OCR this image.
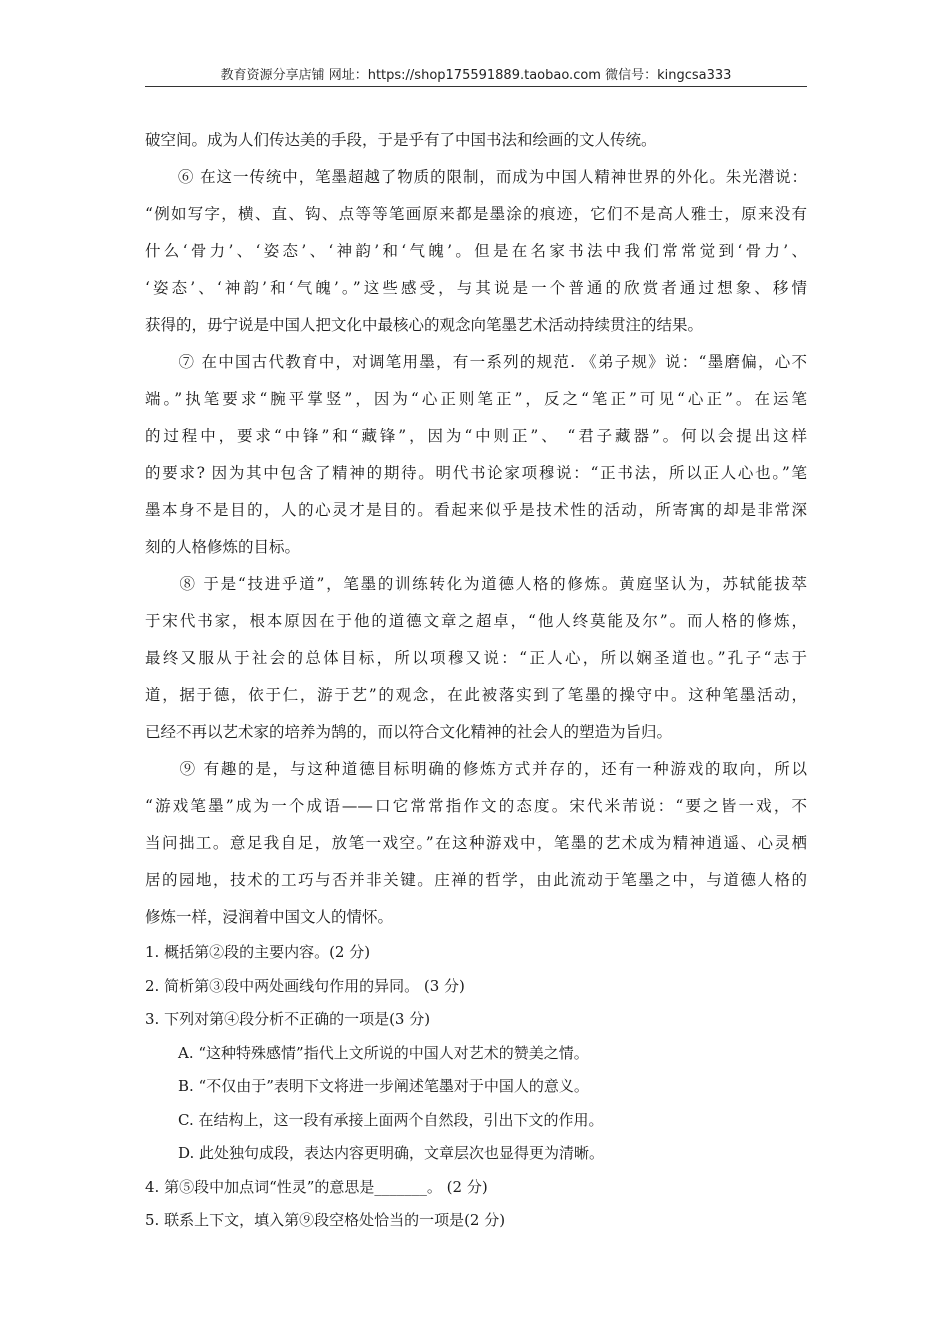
教育资源分享店铺 网址：https://shop175591889.taobao.com 微信号：kingcsa333
破空间。成为人们传达美的手段，于是乎有了中国书法和绘画的文人传统。
　　⑥ 在这一传统中，笔墨超越了物质的限制，而成为中国人精神世界的外化。朱光潜说：
“例如写字，横、直、钩、点等等笔画原来都是墨涂的痕迹，它们不是高人雅士，原来没有
什么‘骨力’、‘姿态’、‘神韵’和‘气魄’。但是在名家书法中我们常常觉到‘骨力’、
‘姿态’、‘神韵’和‘气魄’。”这些感受，与其说是一个普通的欣赏者通过想象、移情
获得的，毋宁说是中国人把文化中最核心的观念向笔墨艺术活动持续贯注的结果。
　　⑦ 在中国古代教育中，对调笔用墨，有一系列的规范. 《弟子规》说：“墨磨偏，心不
端。”执笔要求“腕平掌竖”，因为“心正则笔正”，反之“笔正”可见“心正”。在运笔
的过程中，要求“中锋”和“藏锋”，因为“中则正”、 “君子藏器”。何以会提出这样
的要求? 因为其中包含了精神的期待。明代书论家项穆说：“正书法，所以正人心也。”笔
墨本身不是目的，人的心灵才是目的。看起来似乎是技术性的活动，所寄寓的却是非常深
刻的人格修炼的目标。
　　⑧ 于是“技进乎道”，笔墨的训练转化为道德人格的修炼。黄庭坚认为，苏轼能拔萃
于宋代书家，根本原因在于他的道德文章之超卓，“他人终莫能及尔”。而人格的修炼，
最终又服从于社会的总体目标，所以项穆又说：“正人心，所以娴圣道也。”孔子“志于
道，据于德，依于仁，游于艺”的观念，在此被落实到了笔墨的操守中。这种笔墨活动，
已经不再以艺术家的培养为鹄的，而以符合文化精神的社会人的塑造为旨归。
　　⑨ 有趣的是，与这种道德目标明确的修炼方式并存的，还有一种游戏的取向，所以
“游戏笔墨”成为一个成语——口它常常指作文的态度。宋代米芾说：“要之皆一戏，不
当问拙工。意足我自足，放笔一戏空。”在这种游戏中，笔墨的艺术成为精神逍遥、心灵栖
居的园地，技术的工巧与否并非关键。庄禅的哲学，由此流动于笔墨之中，与道德人格的
修炼一样，浸润着中国文人的情怀。
1. 概括第②段的主要内容。(2 分)
2. 简析第③段中两处画线句作用的异同。 (3 分)
3. 下列对第④段分析不正确的一项是(3 分)
A. “这种特殊感情”指代上文所说的中国人对艺术的赞美之情。
B. “不仅由于”表明下文将进一步阐述笔墨对于中国人的意义。
C. 在结构上，这一段有承接上面两个自然段，引出下文的作用。
D. 此处独句成段，表达内容更明确，文章层次也显得更为清晰。
4. 第⑤段中加点词“性灵”的意思是_______。 (2 分)
5. 联系上下文，填入第⑨段空格处恰当的一项是(2 分)
